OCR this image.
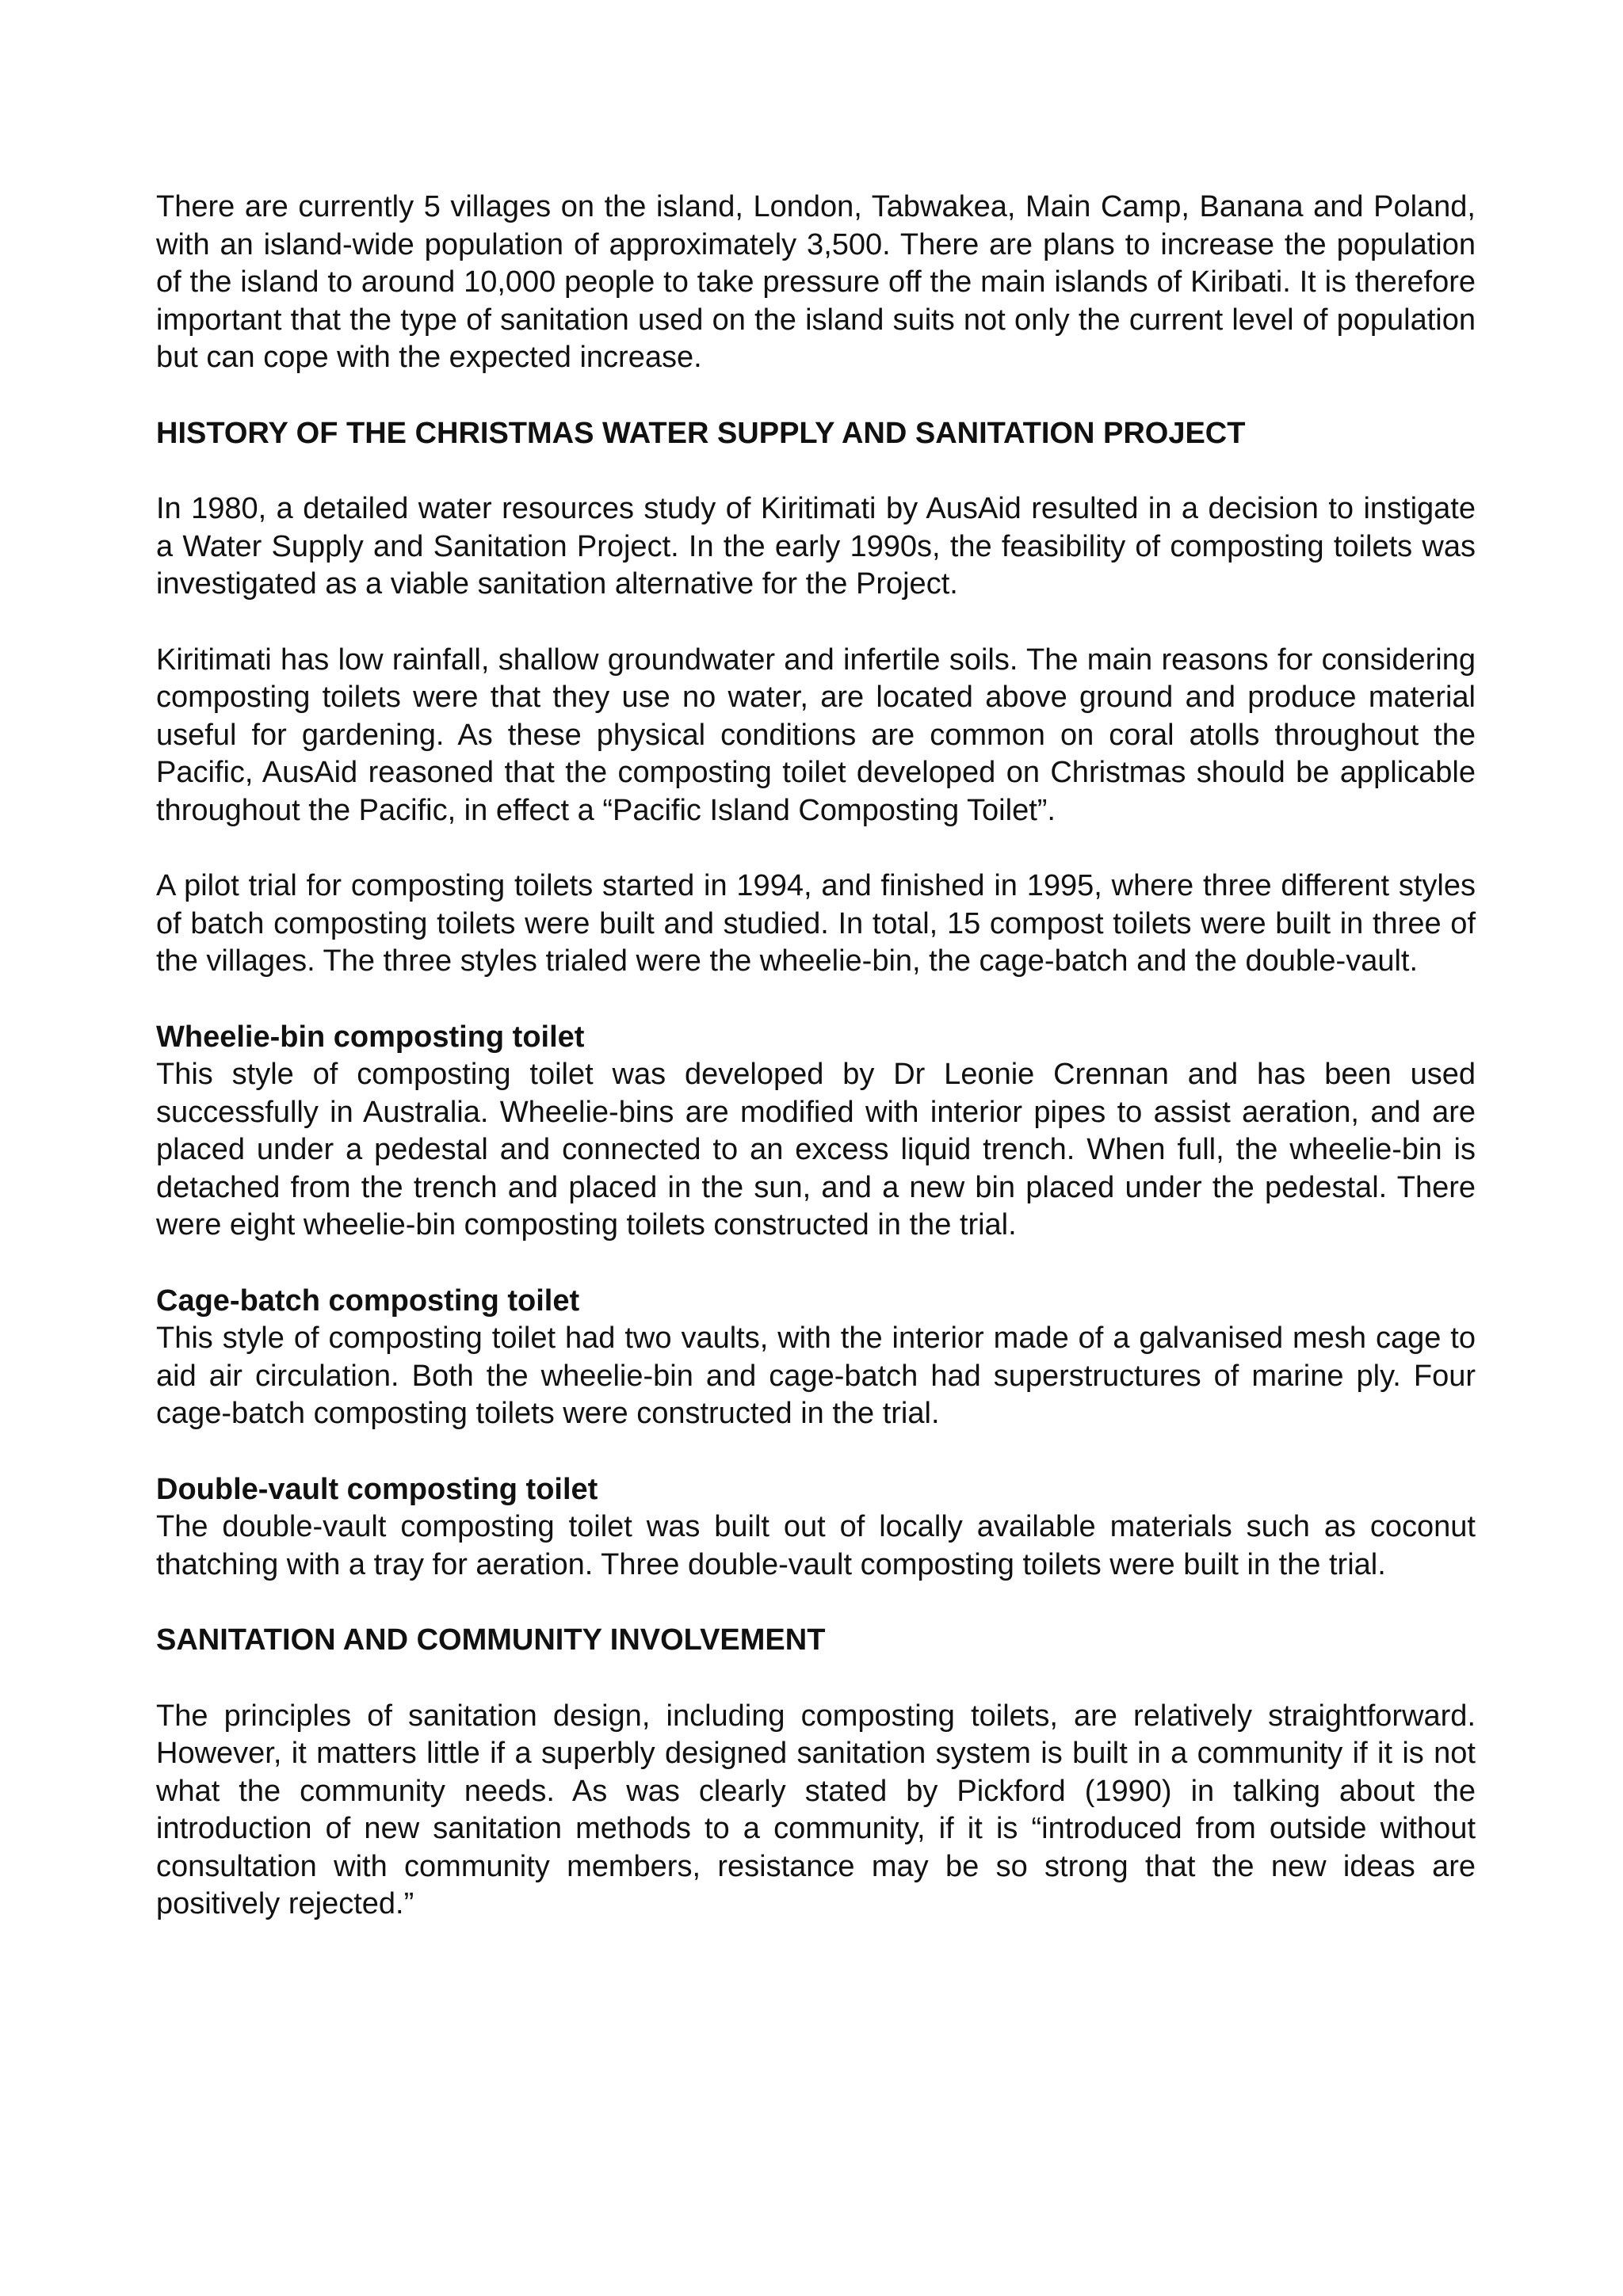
There are currently 5 villages on the island, London, Tabwakea, Main Camp, Banana and Poland, with an island-wide population of approximately 3,500. There are plans to increase the population of the island to around 10,000 people to take pressure off the main islands of Kiribati. It is therefore important that the type of sanitation used on the island suits not only the current level of population but can cope with the expected increase.

HISTORY OF THE CHRISTMAS WATER SUPPLY AND SANITATION PROJECT

In 1980, a detailed water resources study of Kiritimati by AusAid resulted in a decision to instigate a Water Supply and Sanitation Project. In the early 1990s, the feasibility of composting toilets was investigated as a viable sanitation alternative for the Project.

Kiritimati has low rainfall, shallow groundwater and infertile soils. The main reasons for considering composting toilets were that they use no water, are located above ground and produce material useful for gardening. As these physical conditions are common on coral atolls throughout the Pacific, AusAid reasoned that the composting toilet developed on Christmas should be applicable throughout the Pacific, in effect a “Pacific Island Composting Toilet”.

A pilot trial for composting toilets started in 1994, and finished in 1995, where three different styles of batch composting toilets were built and studied. In total, 15 compost toilets were built in three of the villages. The three styles trialed were the wheelie-bin, the cage-batch and the double-vault.

Wheelie-bin composting toilet

This style of composting toilet was developed by Dr Leonie Crennan and has been used successfully in Australia. Wheelie-bins are modified with interior pipes to assist aeration, and are placed under a pedestal and connected to an excess liquid trench. When full, the wheelie-bin is detached from the trench and placed in the sun, and a new bin placed under the pedestal. There were eight wheelie-bin composting toilets constructed in the trial.

Cage-batch composting toilet

This style of composting toilet had two vaults, with the interior made of a galvanised mesh cage to aid air circulation. Both the wheelie-bin and cage-batch had superstructures of marine ply. Four cage-batch composting toilets were constructed in the trial.

Double-vault composting toilet

The double-vault composting toilet was built out of locally available materials such as coconut thatching with a tray for aeration. Three double-vault composting toilets were built in the trial.

SANITATION AND COMMUNITY INVOLVEMENT

The principles of sanitation design, including composting toilets, are relatively straightforward. However, it matters little if a superbly designed sanitation system is built in a community if it is not what the community needs. As was clearly stated by Pickford (1990) in talking about the introduction of new sanitation methods to a community, if it is “introduced from outside without consultation with community members, resistance may be so strong that the new ideas are positively rejected.”
